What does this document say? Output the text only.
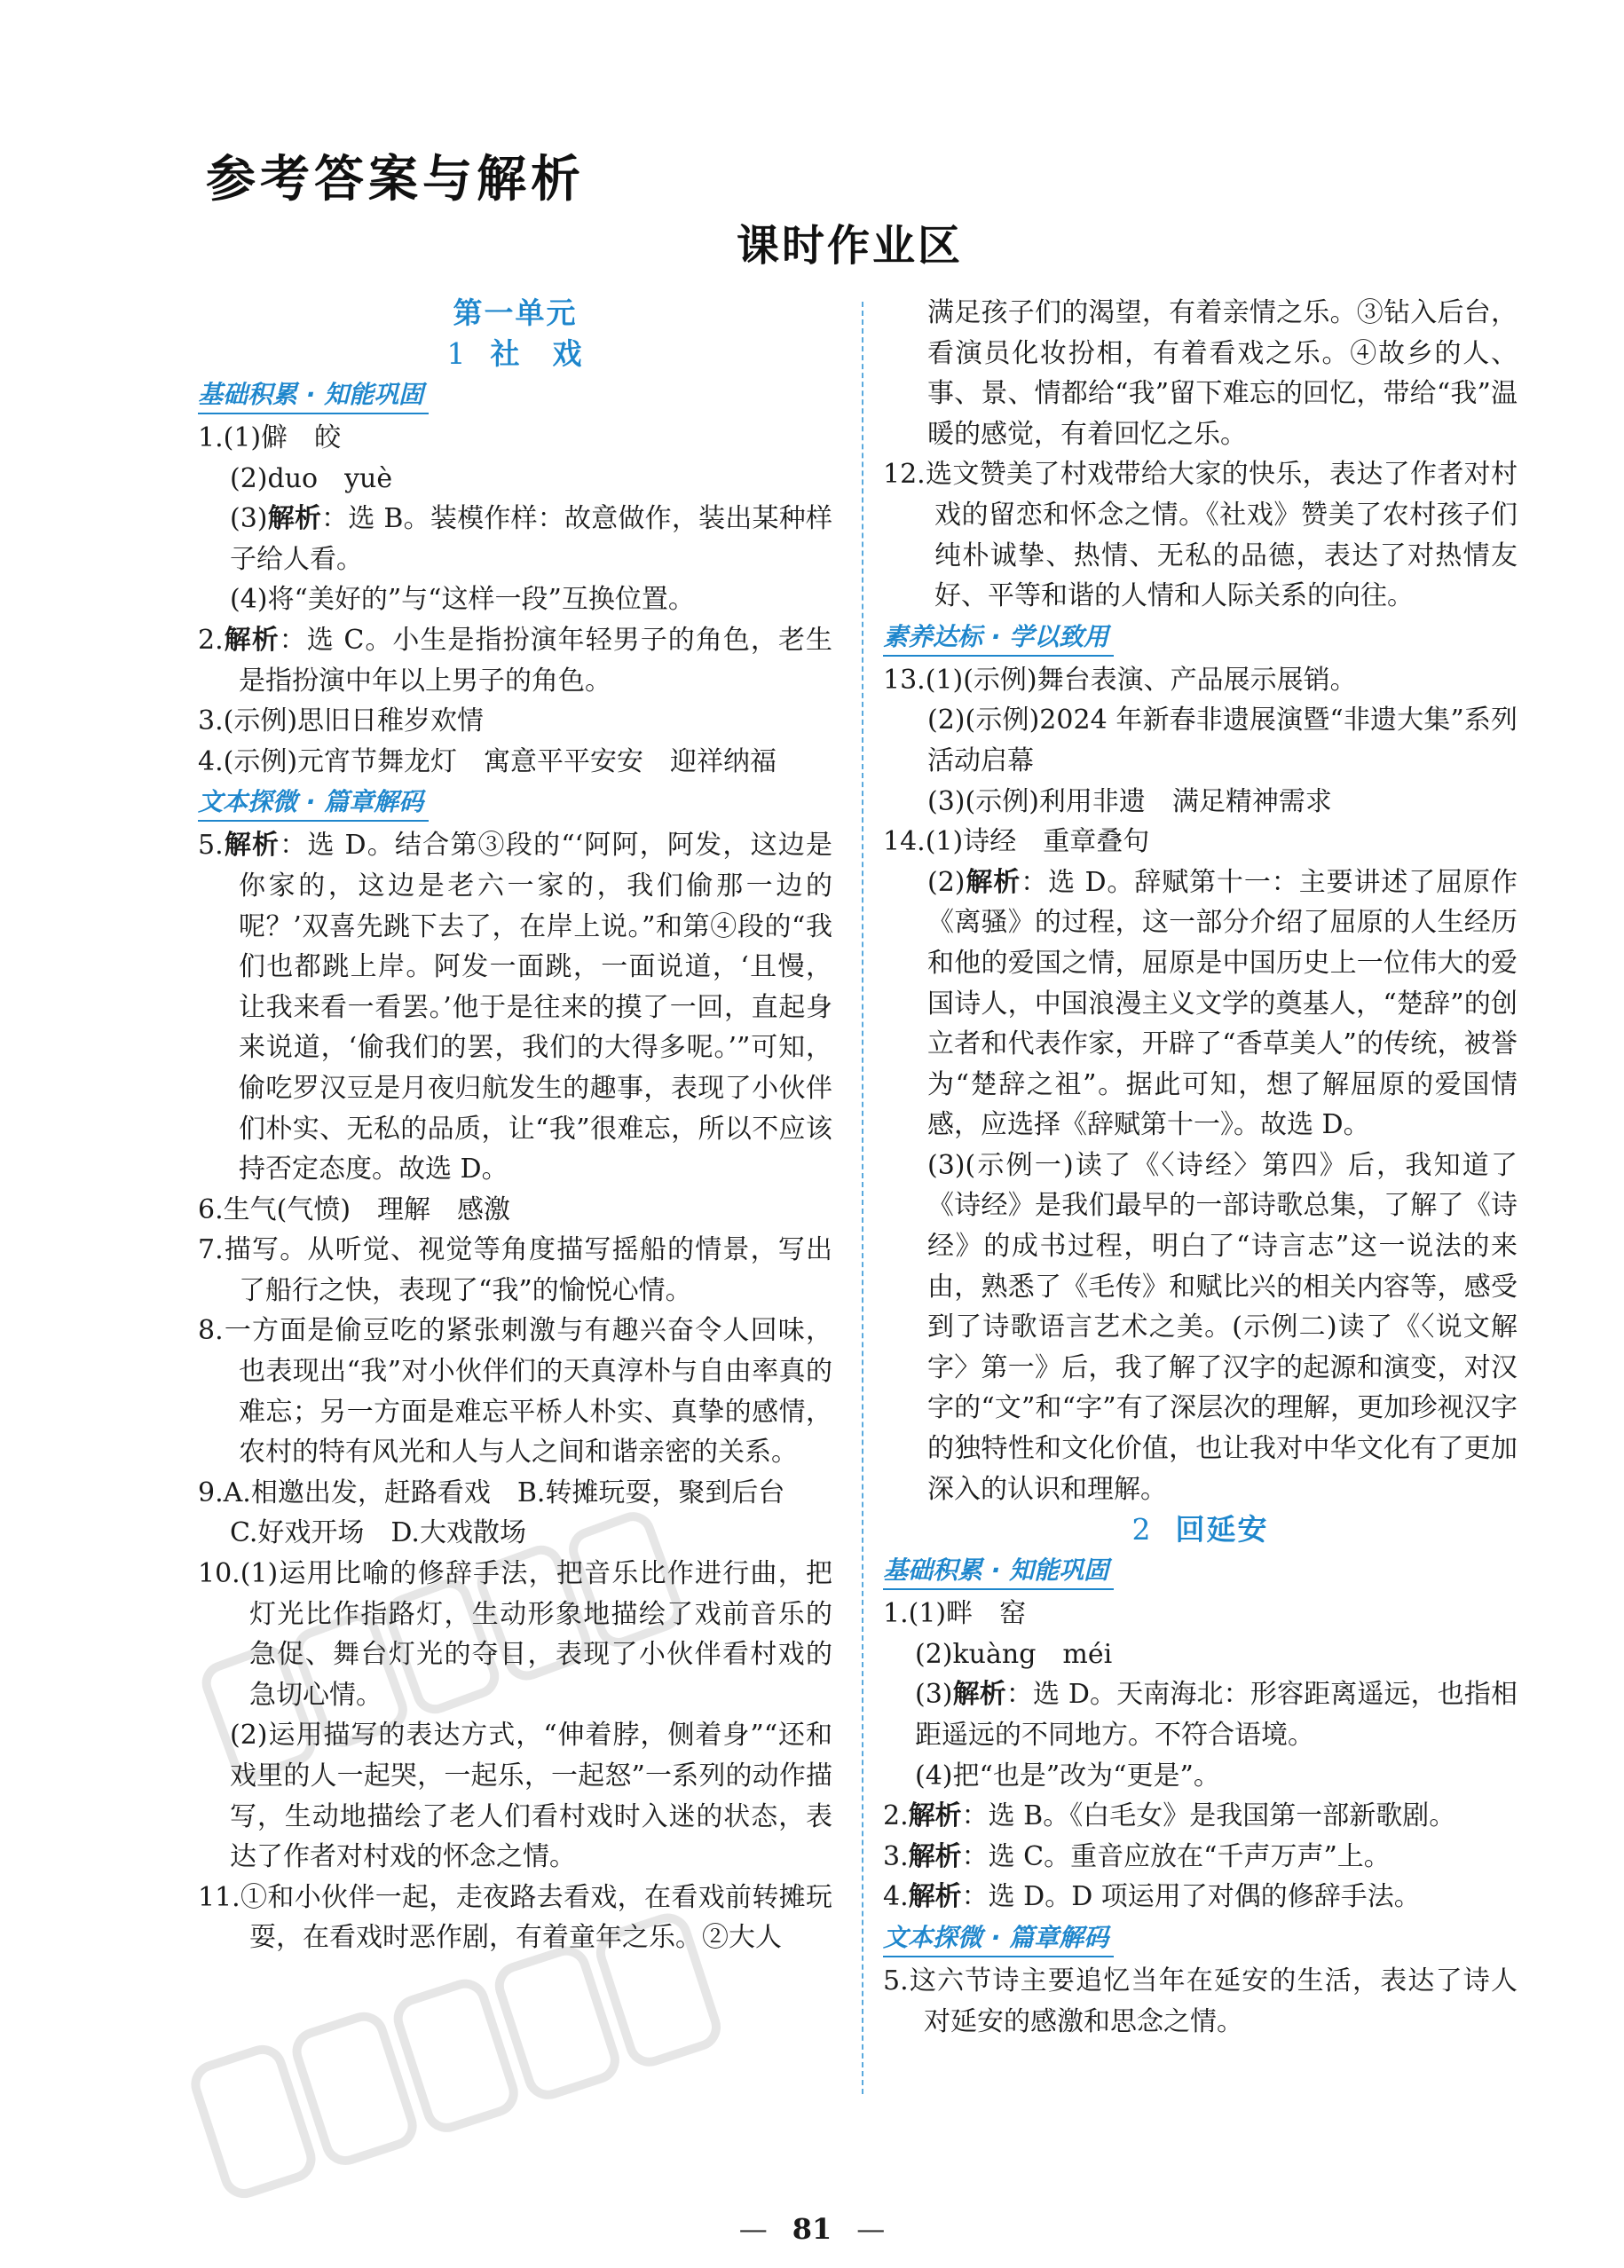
参考答案与解析
课时作业区
第一单元
1 社　戏
基础积累 · 知能巩固
1.(1)僻　皎
(2)duo　yuè
(3)解析：选 B。装模作样：故意做作，装出某种样子给人看。
(4)将“美好的”与“这样一段”互换位置。
2.解析：选 C。小生是指扮演年轻男子的角色，老生是指扮演中年以上男子的角色。
3.(示例)思旧日稚岁欢情
4.(示例)元宵节舞龙灯　寓意平平安安　迎祥纳福
文本探微 · 篇章解码
5.解析：选 D。结合第③段的“‘阿阿，阿发，这边是你家的，这边是老六一家的，我们偷那一边的呢？’双喜先跳下去了，在岸上说。”和第④段的“我们也都跳上岸。阿发一面跳，一面说道，‘且慢，让我来看一看罢。’他于是往来的摸了一回，直起身来说道，‘偷我们的罢，我们的大得多呢。’”可知，偷吃罗汉豆是月夜归航发生的趣事，表现了小伙伴们朴实、无私的品质，让“我”很难忘，所以不应该持否定态度。故选 D。
6.生气(气愤)　理解　感激
7.描写。从听觉、视觉等角度描写摇船的情景，写出了船行之快，表现了“我”的愉悦心情。
8.一方面是偷豆吃的紧张刺激与有趣兴奋令人回味，也表现出“我”对小伙伴们的天真淳朴与自由率真的难忘；另一方面是难忘平桥人朴实、真挚的感情，农村的特有风光和人与人之间和谐亲密的关系。
9.A.相邀出发，赶路看戏　B.转摊玩耍，聚到后台
C.好戏开场　D.大戏散场
10.(1)运用比喻的修辞手法，把音乐比作进行曲，把灯光比作指路灯，生动形象地描绘了戏前音乐的急促、舞台灯光的夺目，表现了小伙伴看村戏的急切心情。
(2)运用描写的表达方式，“伸着脖，侧着身”“还和戏里的人一起哭，一起乐，一起怒”一系列的动作描写，生动地描绘了老人们看村戏时入迷的状态，表达了作者对村戏的怀念之情。
11.①和小伙伴一起，走夜路去看戏，在看戏前转摊玩耍，在看戏时恶作剧，有着童年之乐。②大人
满足孩子们的渴望，有着亲情之乐。③钻入后台，看演员化妆扮相，有着看戏之乐。④故乡的人、事、景、情都给“我”留下难忘的回忆，带给“我”温暖的感觉，有着回忆之乐。
12.选文赞美了村戏带给大家的快乐，表达了作者对村戏的留恋和怀念之情。《社戏》赞美了农村孩子们纯朴诚挚、热情、无私的品德，表达了对热情友好、平等和谐的人情和人际关系的向往。
素养达标 · 学以致用
13.(1)(示例)舞台表演、产品展示展销。
(2)(示例)2024 年新春非遗展演暨“非遗大集”系列活动启幕
(3)(示例)利用非遗　满足精神需求
14.(1)诗经　重章叠句
(2)解析：选 D。辞赋第十一：主要讲述了屈原作《离骚》的过程，这一部分介绍了屈原的人生经历和他的爱国之情，屈原是中国历史上一位伟大的爱国诗人，中国浪漫主义文学的奠基人，“楚辞”的创立者和代表作家，开辟了“香草美人”的传统，被誉为“楚辞之祖”。据此可知，想了解屈原的爱国情感，应选择《辞赋第十一》。故选 D。
(3)(示例一)读了《〈诗经〉第四》后，我知道了《诗经》是我们最早的一部诗歌总集，了解了《诗经》的成书过程，明白了“诗言志”这一说法的来由，熟悉了《毛传》和赋比兴的相关内容等，感受到了诗歌语言艺术之美。(示例二)读了《〈说文解字〉第一》后，我了解了汉字的起源和演变，对汉字的“文”和“字”有了深层次的理解，更加珍视汉字的独特性和文化价值，也让我对中华文化有了更加深入的认识和理解。
2 回延安
基础积累 · 知能巩固
1.(1)畔　窑
(2)kuàng　méi
(3)解析：选 D。天南海北：形容距离遥远，也指相距遥远的不同地方。不符合语境。
(4)把“也是”改为“更是”。
2.解析：选 B。《白毛女》是我国第一部新歌剧。
3.解析：选 C。重音应放在“千声万声”上。
4.解析：选 D。D 项运用了对偶的修辞手法。
文本探微 · 篇章解码
5.这六节诗主要追忆当年在延安的生活，表达了诗人对延安的感激和思念之情。
— 81 —
